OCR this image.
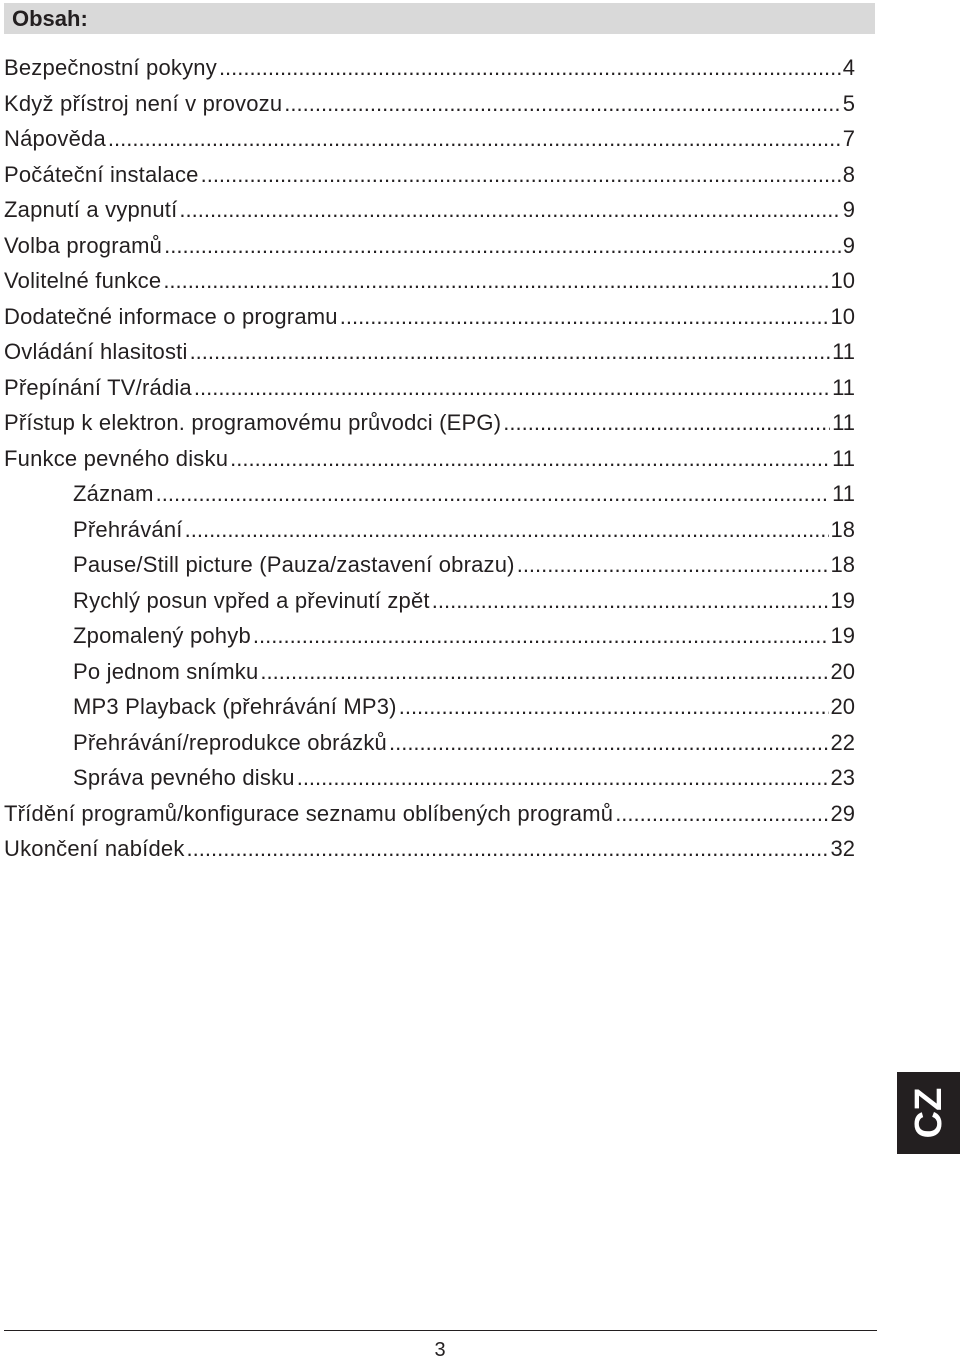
Obsah:
Bezpečnostní pokyny .....	4
Když přístroj není v provozu .....	5
Nápověda .....	7
Počáteční instalace .....	8
Zapnutí a vypnutí .....	9
Volba programů .....	9
Volitelné funkce .....	10
Dodatečné informace o programu .....	10
Ovládání hlasitosti .....	11
Přepínání TV/rádia .....	11
Přístup k elektron. programovému průvodci (EPG) .....	11
Funkce pevného disku .....	11
Záznam .....	11
Přehrávání .....	18
Pause/Still picture (Pauza/zastavení obrazu) .....	18
Rychlý posun vpřed a převinutí zpět .....	19
Zpomalený pohyb .....	19
Po jednom snímku .....	20
MP3 Playback (přehrávání MP3) .....	20
Přehrávání/reprodukce obrázků .....	22
Správa pevného disku .....	23
Třídění programů/konfigurace seznamu oblíbených programů .....	29
Ukončení nabídek .....	32
CZ
3
